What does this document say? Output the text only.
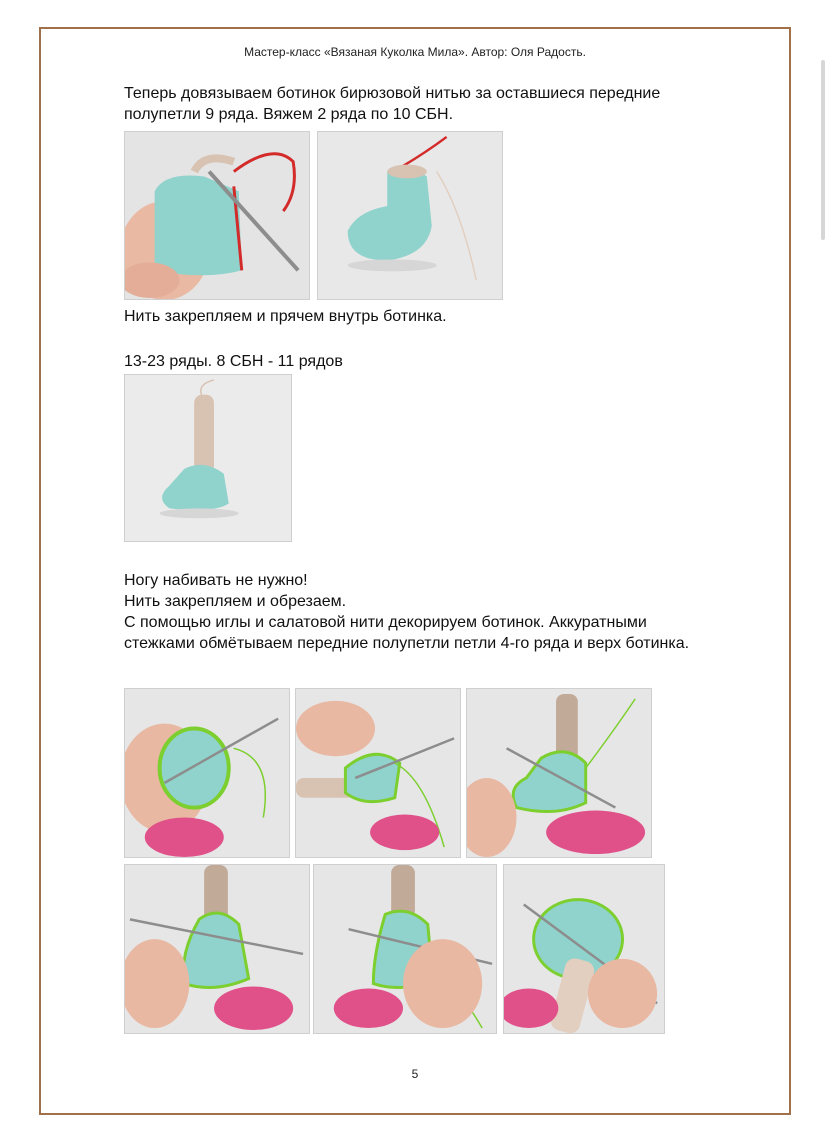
Мастер-класс «Вязаная Куколка Мила». Автор: Оля Радость.

Теперь довязываем ботинок бирюзовой нитью за оставшиеся передние

полупетли 9 ряда. Вяжем 2 ряда по 10 СБН.

Нить закрепляем и прячем внутрь ботинка.

13-23 ряды. 8 СБН - 11 рядов

Ногу набивать не нужно!

Нить закрепляем и обрезаем.

С помощью иглы и салатовой нити декорируем ботинок. Аккуратными

стежками обмётываем передние полупетли петли 4-го ряда и верх ботинка.

5
